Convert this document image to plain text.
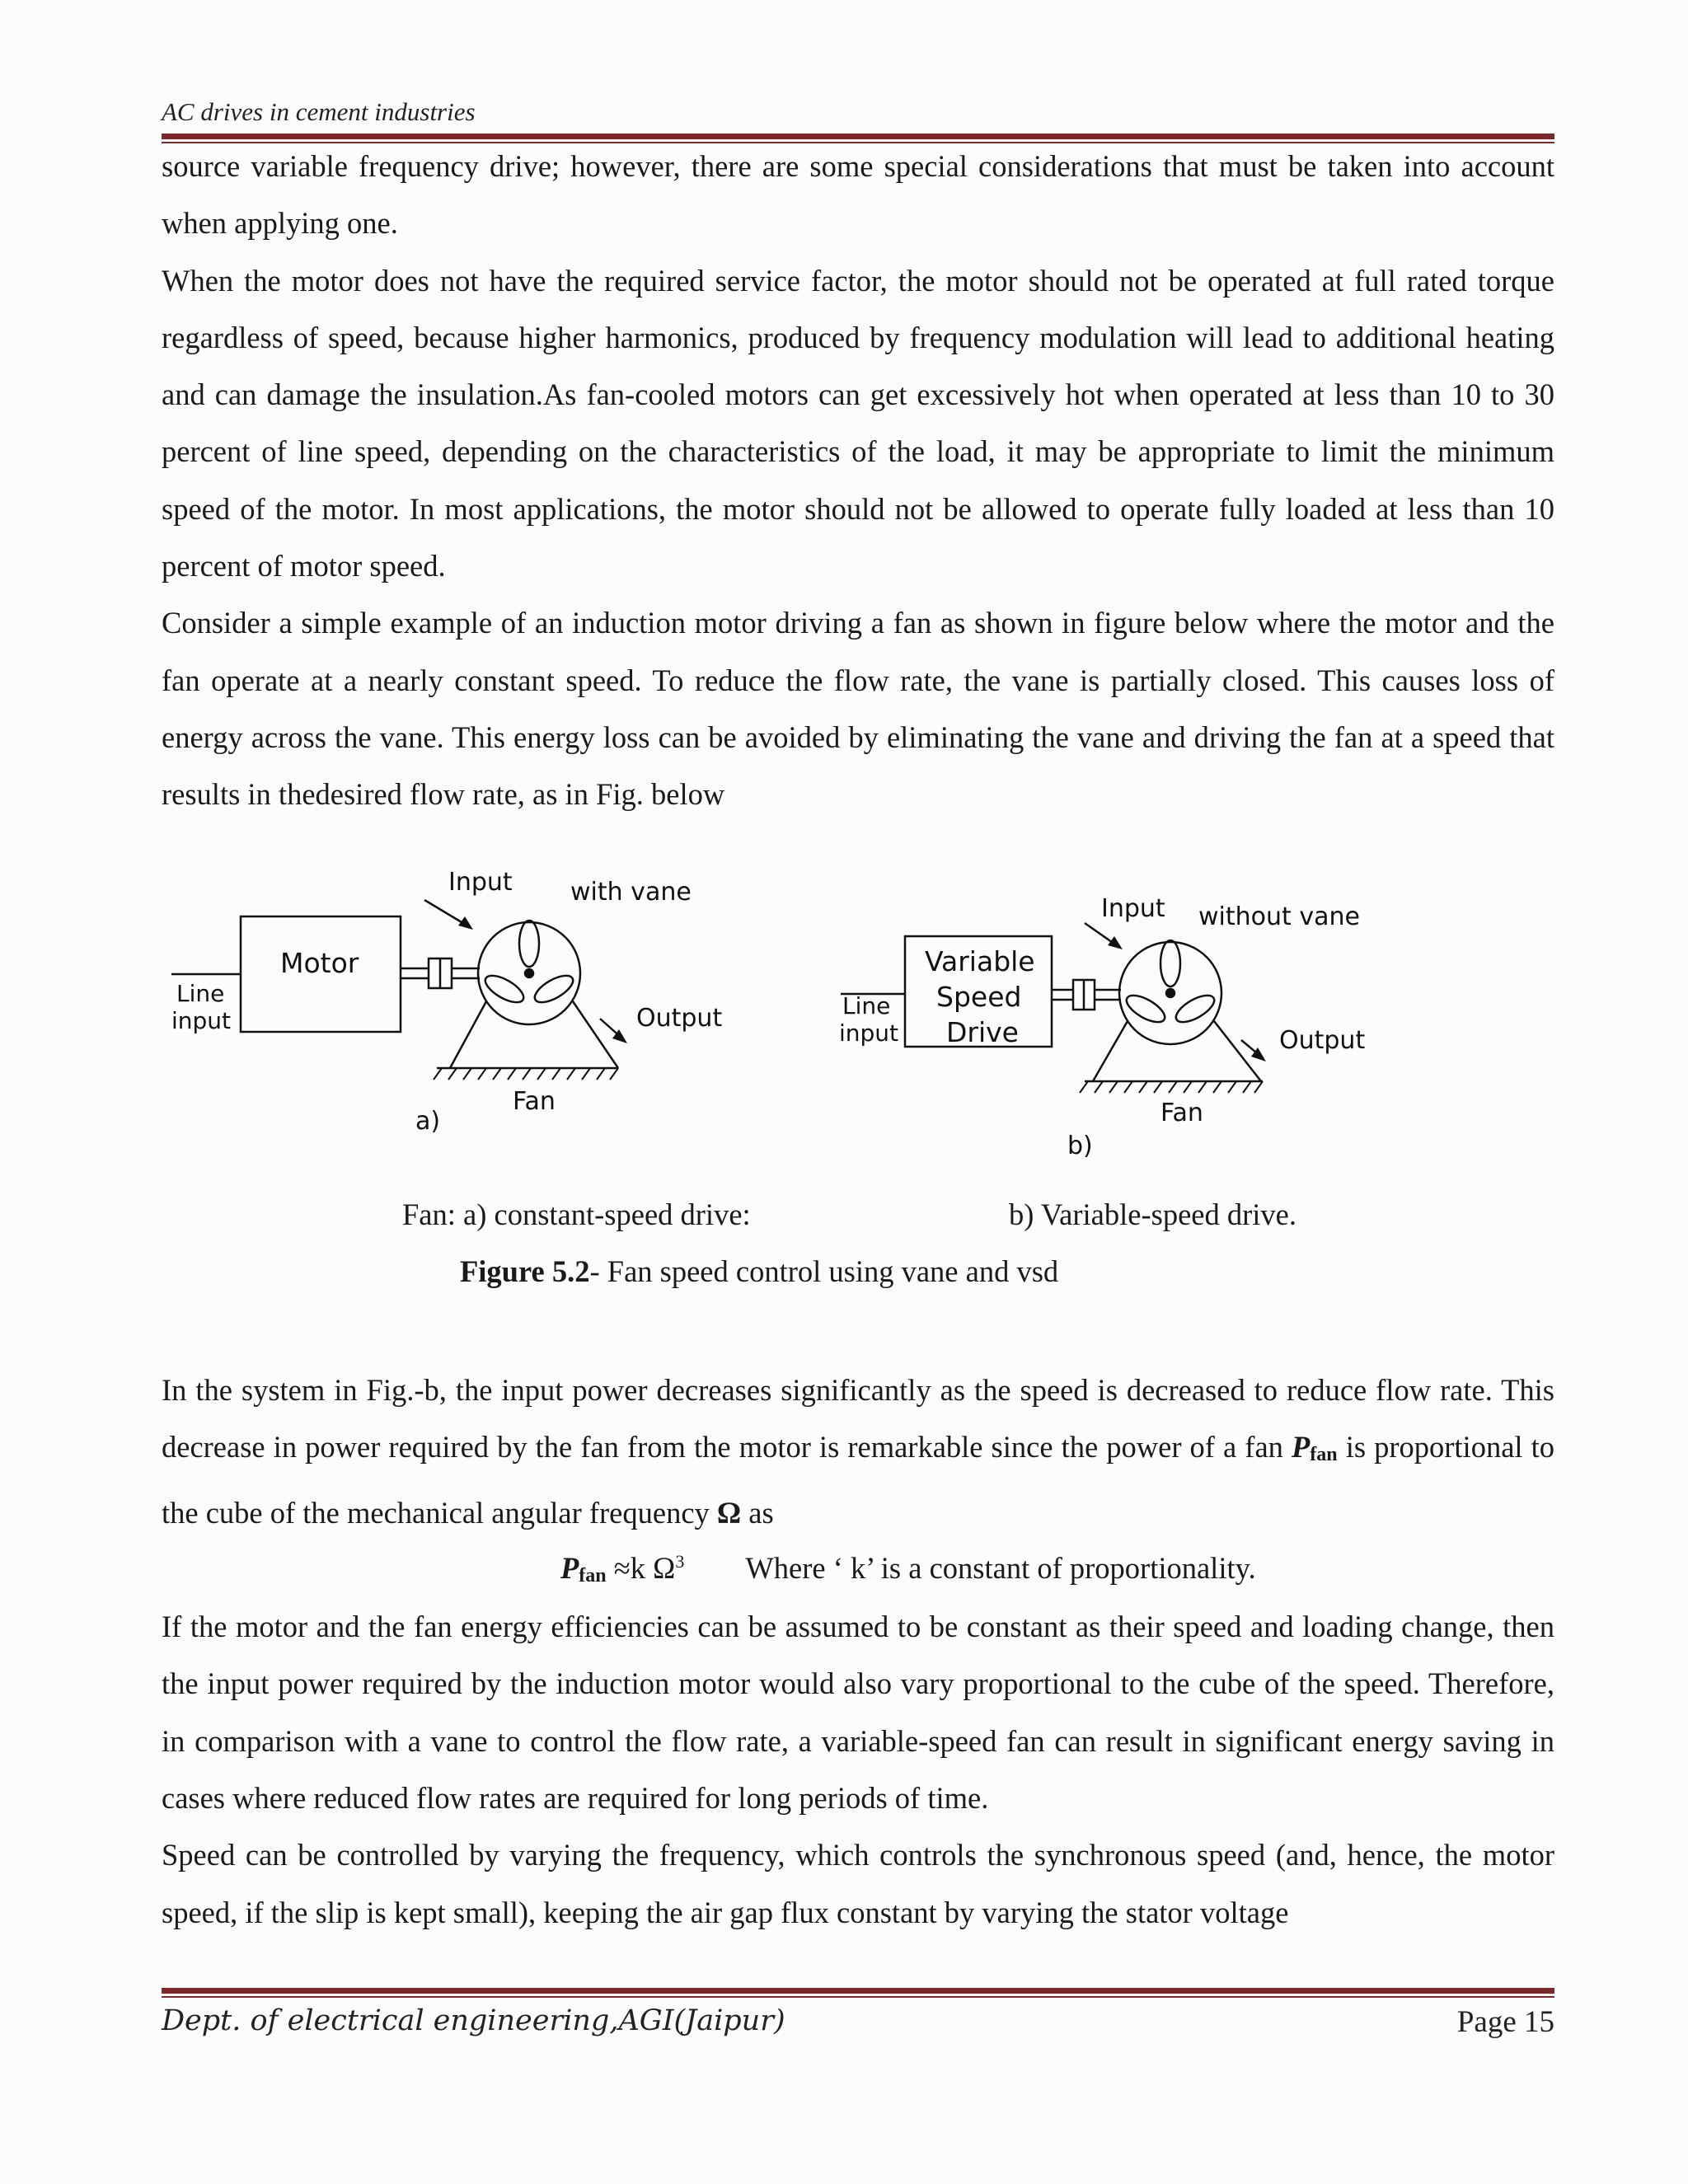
AC drives in cement industries

source variable frequency drive; however, there are some special considerations that must be taken into account when applying one.

When the motor does not have the required service factor, the motor should not be operated at full rated torque regardless of speed, because higher harmonics, produced by frequency modulation will lead to additional heating and can damage the insulation.As fan-cooled motors can get excessively hot when operated at less than 10 to 30 percent of line speed, depending on the characteristics of the load, it may be appropriate to limit the minimum speed of the motor. In most applications, the motor should not be allowed to operate fully loaded at less than 10 percent of motor speed.

Consider a simple example of an induction motor driving a fan as shown in figure below where the motor and the fan operate at a nearly constant speed. To reduce the flow rate, the vane is partially closed. This causes loss of energy across the vane. This energy loss can be avoided by eliminating the vane and driving the fan at a speed that results in thedesired flow rate, as in Fig. below

Input with vane
Motor
Line
input	Output
Fan
a)
Input without vane
Variable
Speed
Drive
Line
input	Output
Fan
b)
Fan: a) constant-speed drive:	b) Variable-speed drive.
Figure 5.2- Fan speed control using vane and vsd

In the system in Fig.-b, the input power decreases significantly as the speed is decreased to reduce flow rate. This decrease in power required by the fan from the motor is remarkable since the power of a fan $P_{fan}$ is proportional to the cube of the mechanical angular frequency Ω as

If the motor and the fan energy efficiencies can be assumed to be constant as their speed and loading change, then the input power required by the induction motor would also vary proportional to the cube of the speed. Therefore, in comparison with a vane to control the flow rate, a variable-speed fan can result in significant energy saving in cases where reduced flow rates are required for long periods of time.

Speed can be controlled by varying the frequency, which controls the synchronous speed (and, hence, the motor speed, if the slip is kept small), keeping the air gap flux constant by varying the stator voltage

$P_{fan} \approx k$ $\Omega^3$ Where ‘ k’ is a constant of proportionality.
Dept. of electrical engineering,AGI(Jaipur)	Page 15
